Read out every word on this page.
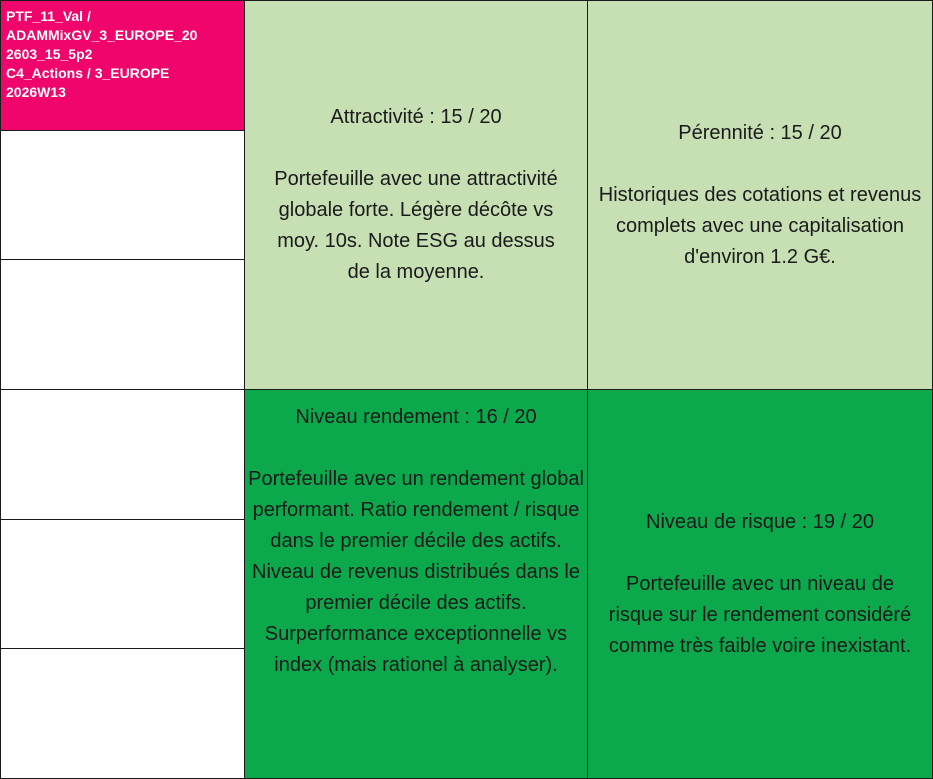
PTF_11_Val /
ADAMMixGV_3_EUROPE_20
2603_15_5p2
C4_Actions / 3_EUROPE
2026W13
Attractivité : 15 / 20
Portefeuille avec une attractivité globale forte. Légère décôte vs moy. 10s. Note ESG au dessus de la moyenne.
Pérennité : 15 / 20
Historiques des cotations et revenus complets avec une capitalisation d'environ 1.2 G€.
Niveau rendement : 16 / 20
Portefeuille avec un rendement global performant. Ratio rendement / risque dans le premier décile des actifs. Niveau de revenus distribués dans le premier décile des actifs. Surperformance exceptionnelle vs index (mais rationel à analyser).
Niveau de risque : 19 / 20
Portefeuille avec un niveau de risque sur le rendement considéré comme très faible voire inexistant.
